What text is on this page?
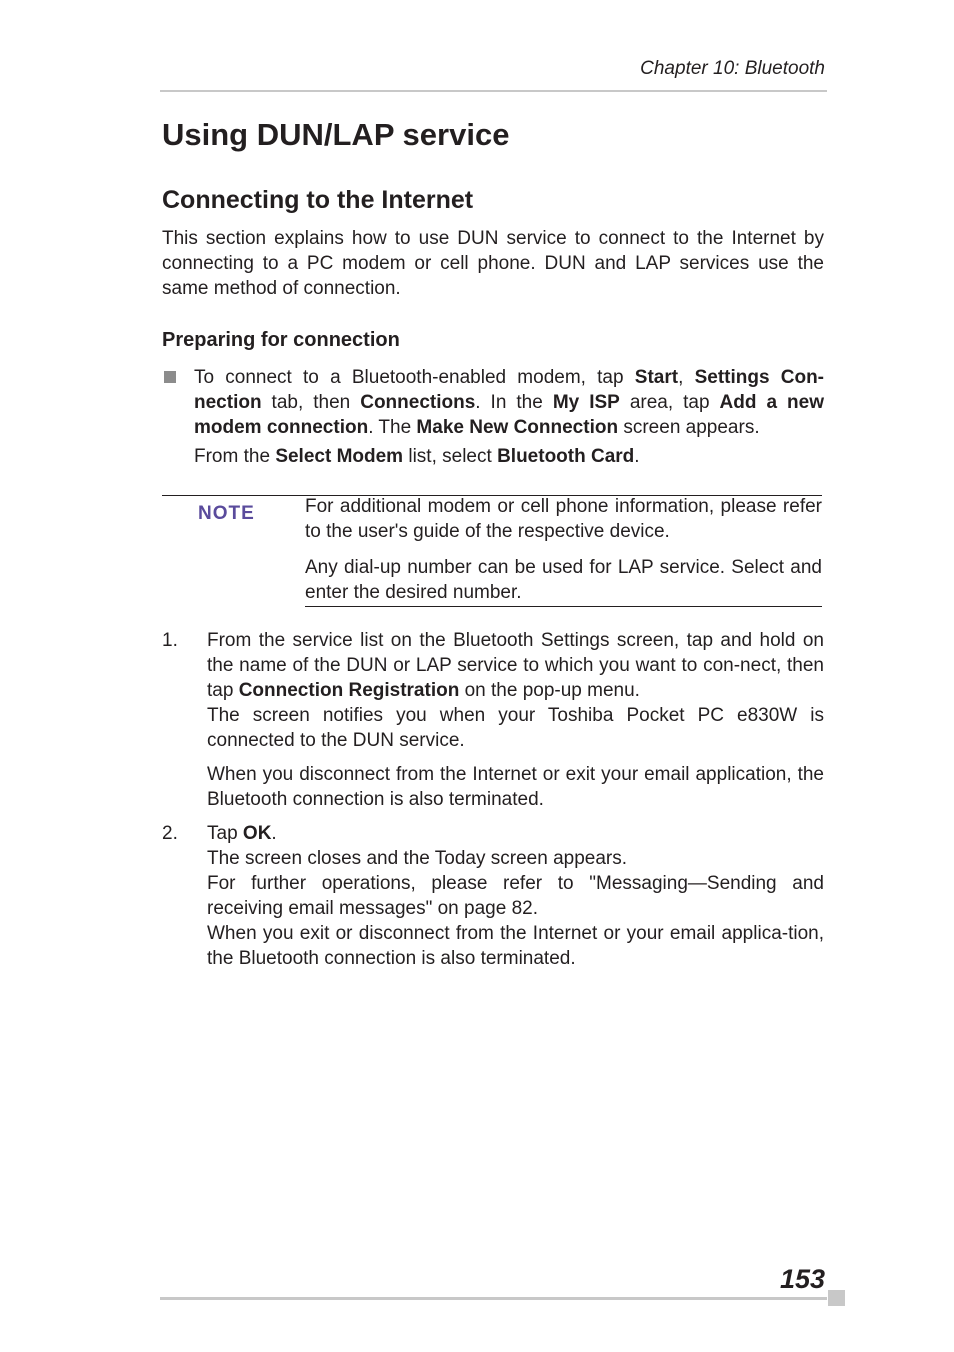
Chapter 10: Bluetooth
Using DUN/LAP service
Connecting to the Internet

This section explains how to use DUN service to connect to the Internet by connecting to a PC modem or cell phone. DUN and LAP services use the same method of connection.

Preparing for connection

To connect to a Bluetooth-enabled modem, tap Start, Settings Con-nection tab, then Connections. In the My ISP area, tap Add a new modem connection. The Make New Connection screen appears.

From the Select Modem list, select Bluetooth Card.

NOTE	For additional modem or cell phone information, please refer to the user's guide of the respective device.

Any dial-up number can be used for LAP service. Select and enter the desired number.

1. From the service list on the Bluetooth Settings screen, tap and hold on the name of the DUN or LAP service to which you want to con-nect, then tap Connection Registration on the pop-up menu.

The screen notifies you when your Toshiba Pocket PC e830W is connected to the DUN service.

When you disconnect from the Internet or exit your email application, the Bluetooth connection is also terminated.

2. Tap OK.

The screen closes and the Today screen appears.

For further operations, please refer to "Messaging—Sending and receiving email messages" on page 82.

When you exit or disconnect from the Internet or your email applica-tion, the Bluetooth connection is also terminated.

153
